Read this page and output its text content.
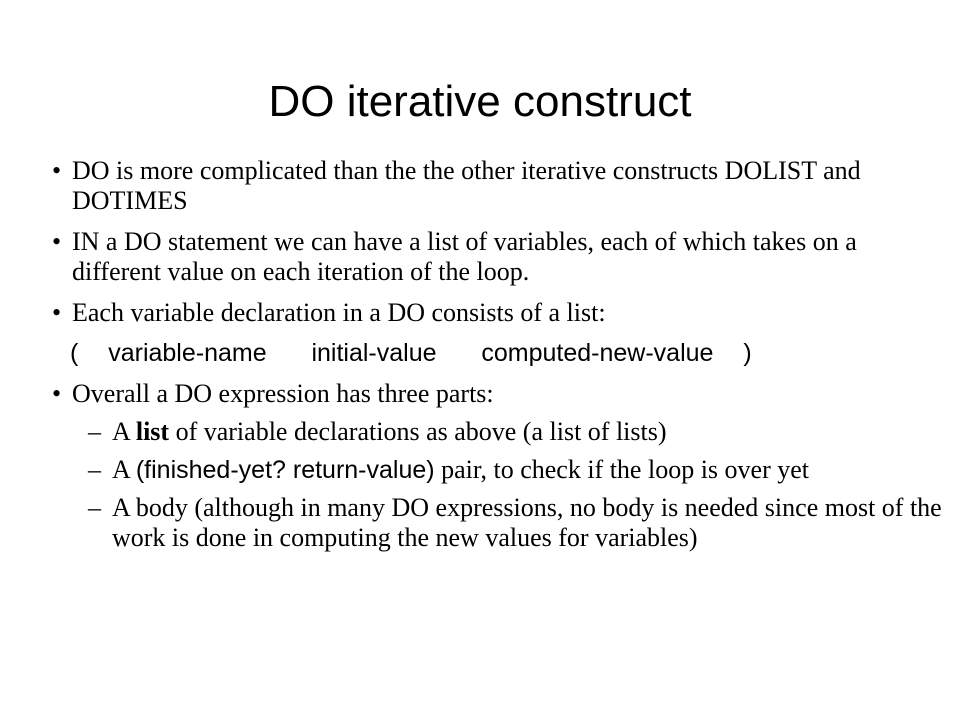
DO iterative construct
• DO is more complicated than the the other iterative constructs DOLIST and DOTIMES
• IN a DO statement we can have a list of variables, each of which takes on a different value on each iteration of the loop.
• Each variable declaration in a DO consists of a list:
(  variable-name   initial-value   computed-new-value  )
• Overall a DO expression has three parts:
– A list of variable declarations as above (a list of lists)
– A (finished-yet? return-value) pair, to check if the loop is over yet
– A body (although in many DO expressions, no body is needed since most of the work is done in computing the new values for variables)
